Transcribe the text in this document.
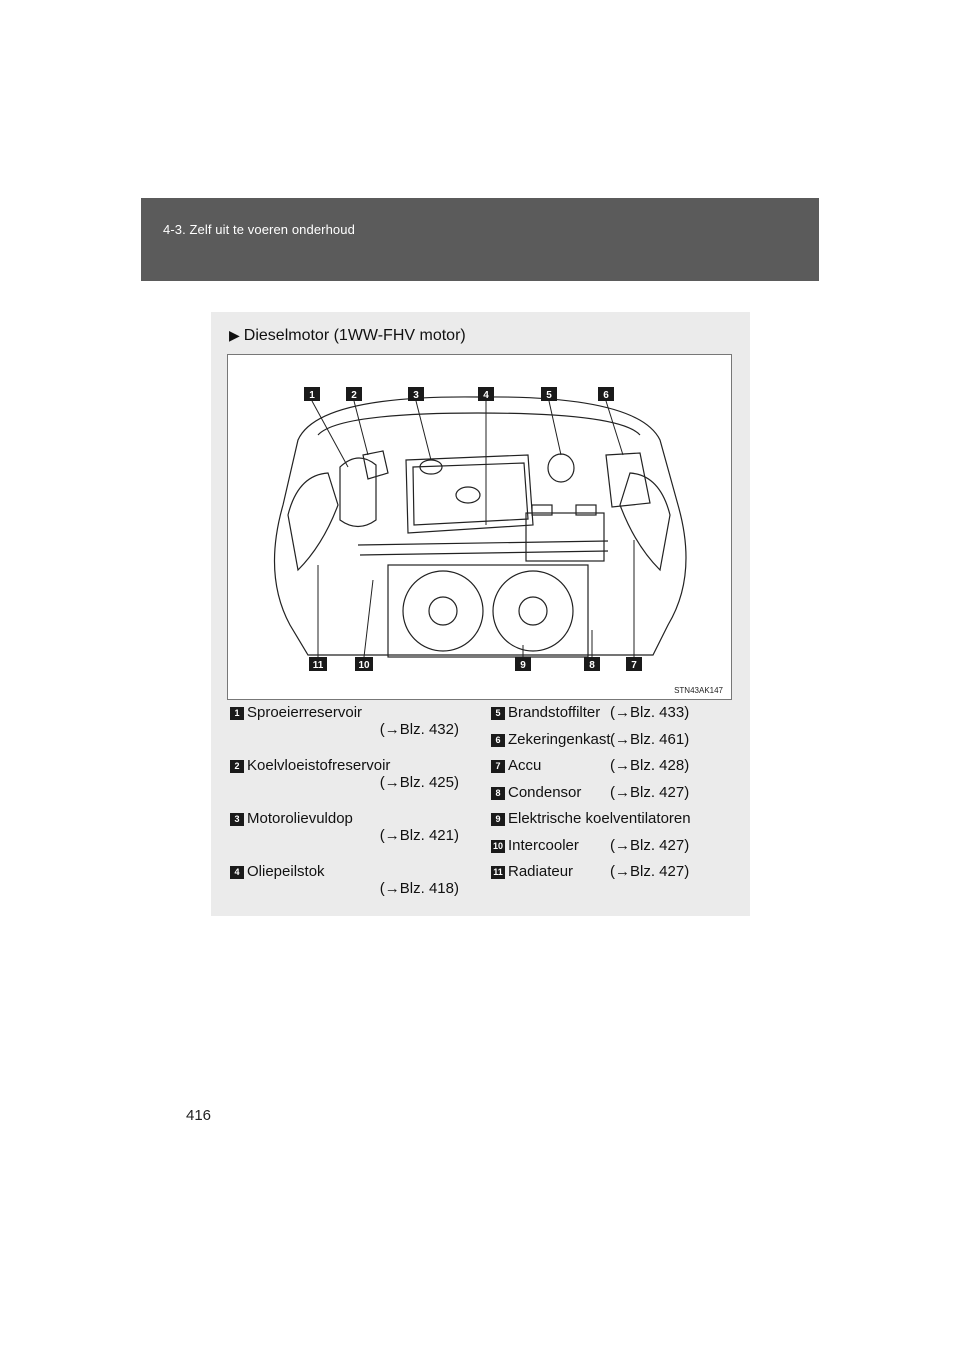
4-3. Zelf uit te voeren onderhoud
▶ Dieselmotor (1WW-FHV motor)
1	2	3	4	5	6
7
8
9
10
11
STN43AK147
1 Sproeierreservoir
(→Blz. 432)
2 Koelvloeistofreservoir
(→Blz. 425)
3 Motorolievuldop
(→Blz. 421)
4 Oliepeilstok
(→Blz. 418)
5 Brandstoffilter (→Blz. 433)
6 Zekeringenkast(→Blz. 461)
7 Accu	(→Blz. 428)
8 Condensor (→Blz. 427)
9 Elektrische koelventilatoren
10 Intercooler (→Blz. 427)
11 Radiateur (→Blz. 427)
416
